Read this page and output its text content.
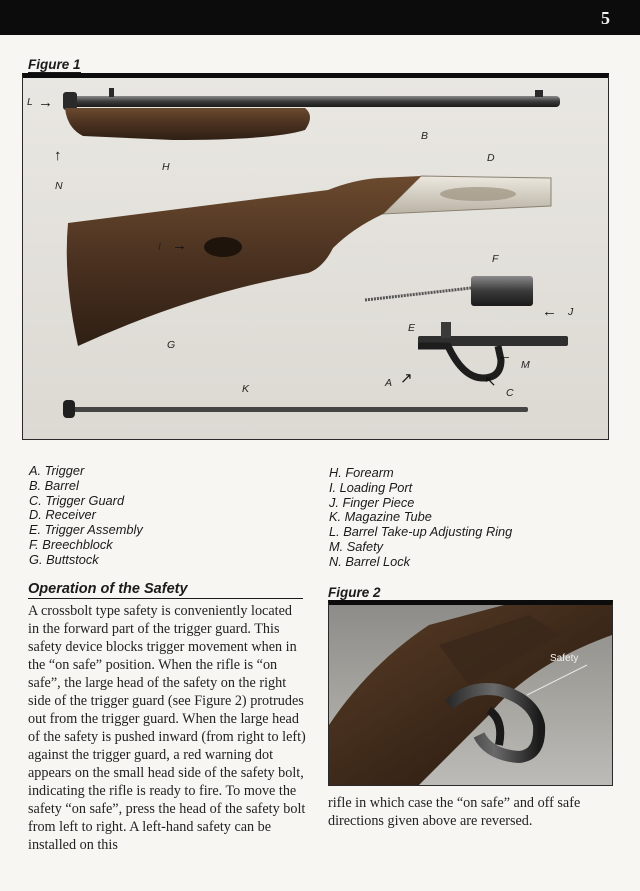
5
Figure 1
→
L
↑
N
H
B
D
I →
F
← J
E
G
←
M
A ↗	↖
C
K
A. Trigger
B. Barrel
C. Trigger Guard
D. Receiver
E. Trigger Assembly
F. Breechblock
G. Buttstock
H. Forearm
I. Loading Port
J. Finger Piece
K. Magazine Tube
L. Barrel Take-up Adjusting Ring
M. Safety
N. Barrel Lock
Operation of the Safety

A crossbolt type safety is conveniently located in the forward part of the trigger guard. This safety device blocks trigger movement when in the “on safe” position. When the rifle is “on safe”, the large head of the safety on the right side of the trigger guard (see Figure 2) protrudes out from the trigger guard. When the large head of the safety is pushed inward (from right to left) against the trigger guard, a red warning dot appears on the small head side of the safety bolt, indicating the rifle is ready to fire. To move the safety “on safe”, press the head of the safety bolt from left to right. A left-hand safety can be installed on this

Figure 2
Safety

rifle in which case the “on safe” and off safe directions given above are reversed.
